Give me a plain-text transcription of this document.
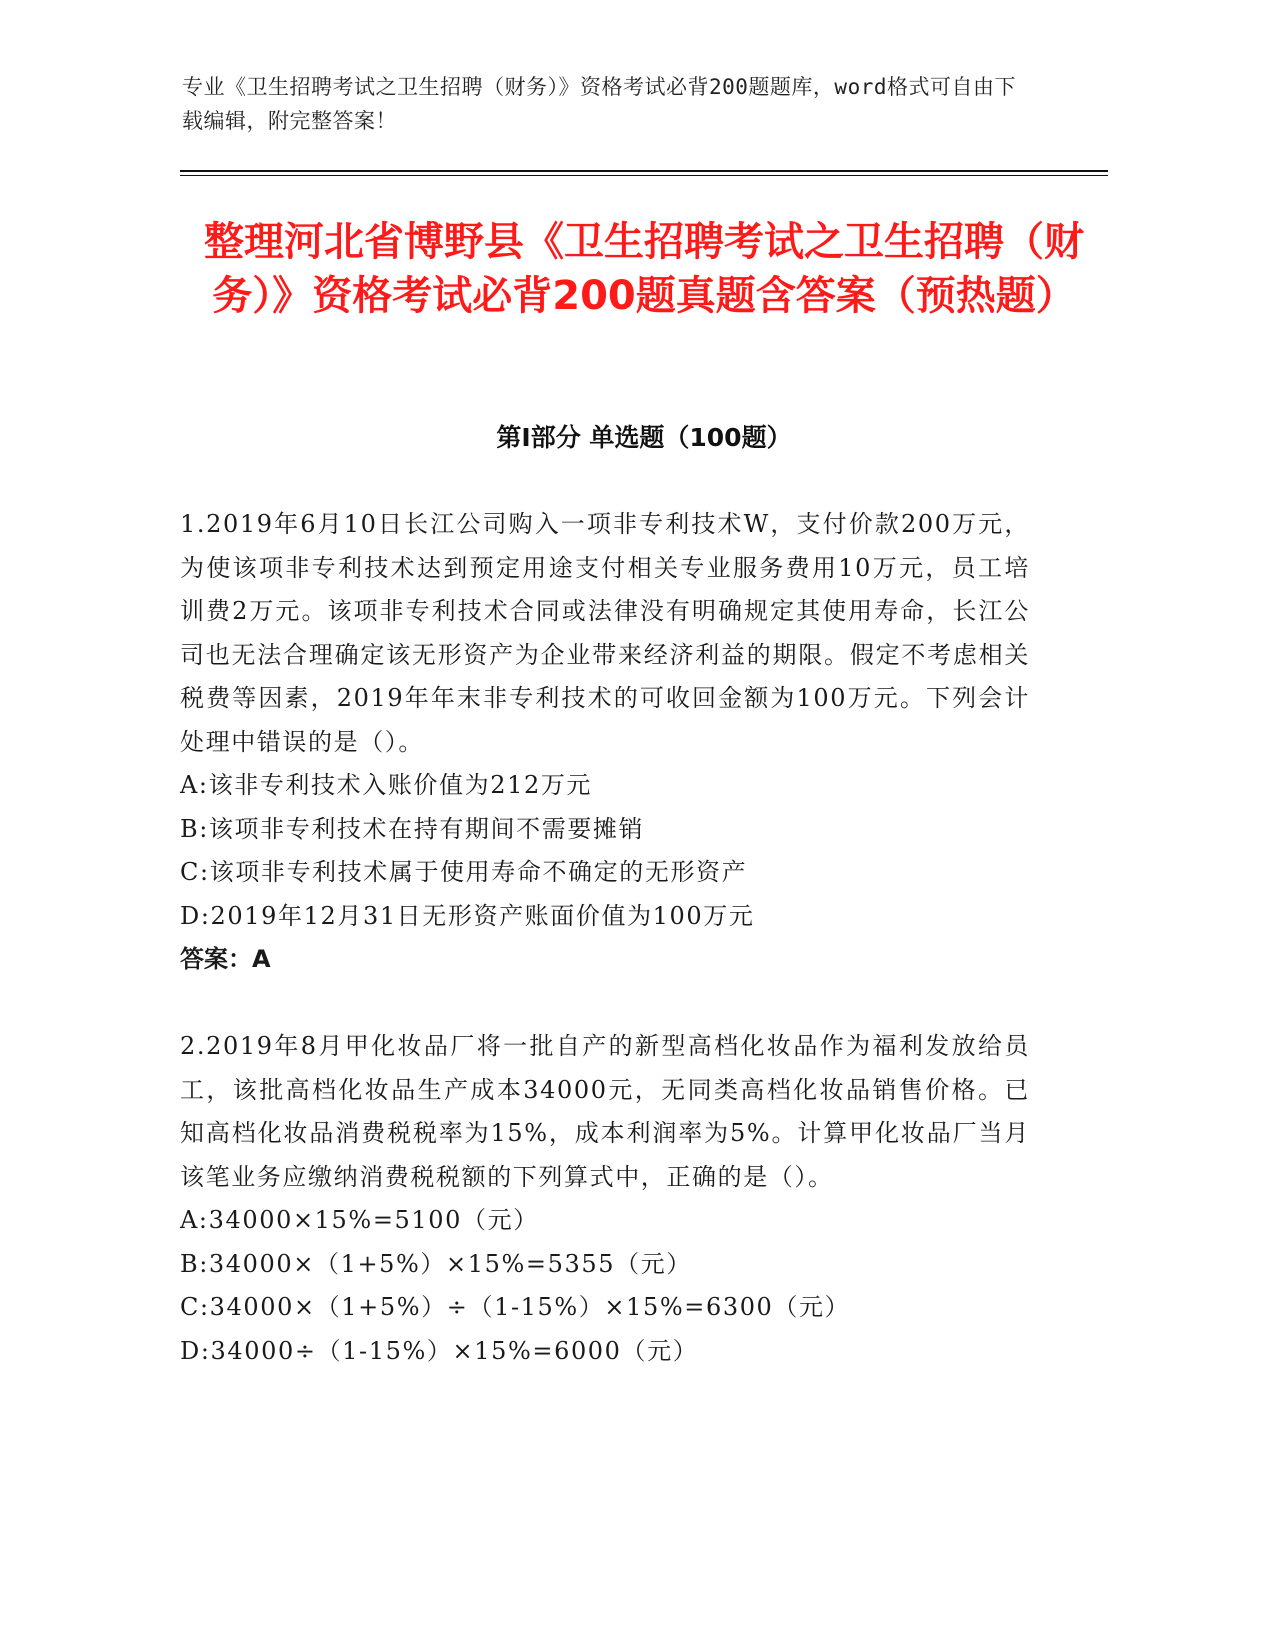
专业《卫生招聘考试之卫生招聘（财务）》资格考试必背200题题库，word格式可自由下载编辑，附完整答案！
整理河北省博野县《卫生招聘考试之卫生招聘（财务）》资格考试必背200题真题含答案（预热题）
第I部分 单选题（100题）

1.2019年6月10日长江公司购入一项非专利技术W，支付价款200万元，为使该项非专利技术达到预定用途支付相关专业服务费用10万元，员工培训费2万元。该项非专利技术合同或法律没有明确规定其使用寿命，长江公司也无法合理确定该无形资产为企业带来经济利益的期限。假定不考虑相关税费等因素，2019年年末非专利技术的可收回金额为100万元。下列会计处理中错误的是（）。

A:该非专利技术入账价值为212万元

B:该项非专利技术在持有期间不需要摊销

C:该项非专利技术属于使用寿命不确定的无形资产

D:2019年12月31日无形资产账面价值为100万元

答案：A

2.2019年8月甲化妆品厂将一批自产的新型高档化妆品作为福利发放给员工，该批高档化妆品生产成本34000元，无同类高档化妆品销售价格。已知高档化妆品消费税税率为15%，成本利润率为5%。计算甲化妆品厂当月该笔业务应缴纳消费税税额的下列算式中，正确的是（）。

A:34000×15%=5100（元）

B:34000×（1+5%）×15%=5355（元）

C:34000×（1+5%）÷（1-15%）×15%=6300（元）

D:34000÷（1-15%）×15%=6000（元）
